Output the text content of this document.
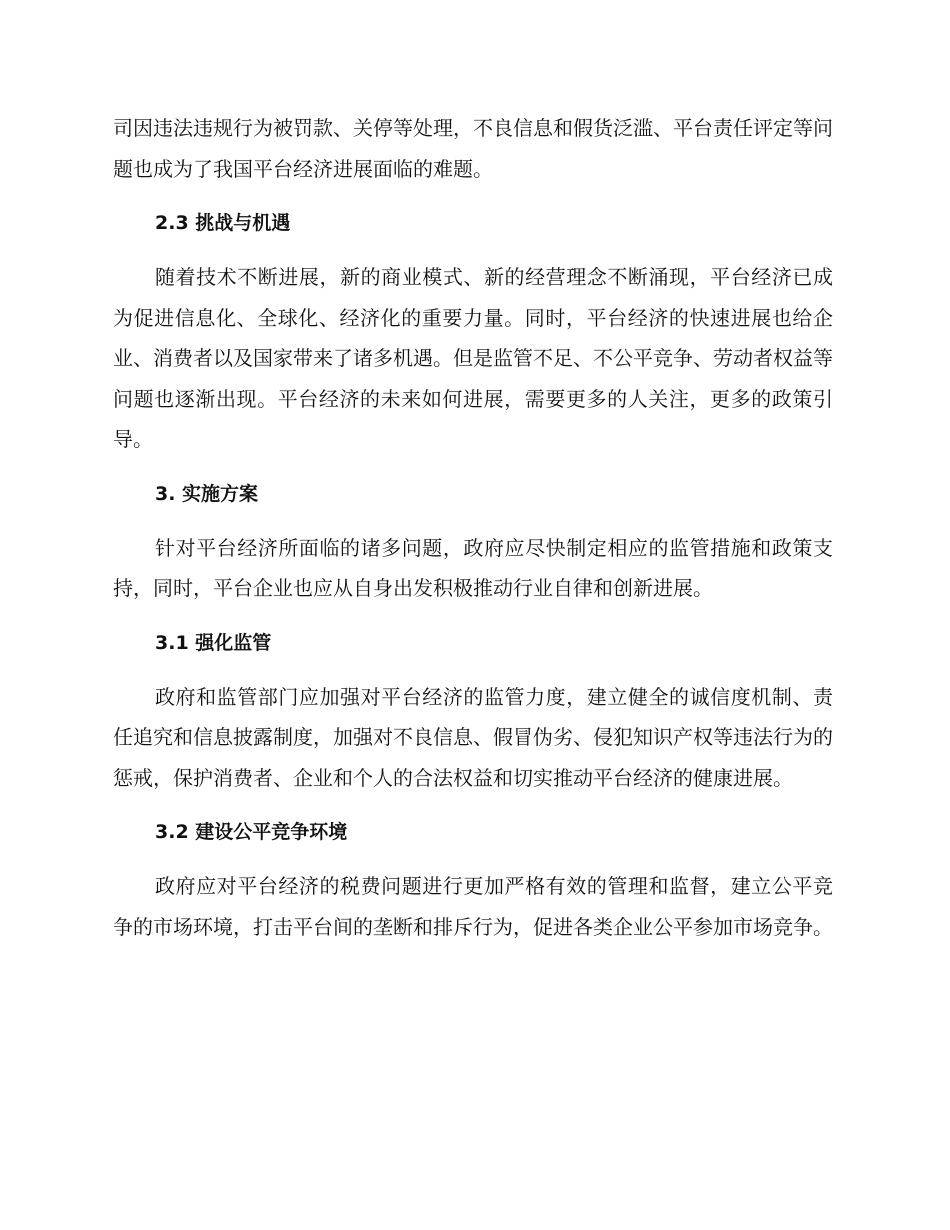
司因违法违规行为被罚款、关停等处理，不良信息和假货泛滥、平台责任评定等问题也成为了我国平台经济进展面临的难题。

2.3 挑战与机遇

随着技术不断进展，新的商业模式、新的经营理念不断涌现，平台经济已成为促进信息化、全球化、经济化的重要力量。同时，平台经济的快速进展也给企业、消费者以及国家带来了诸多机遇。但是监管不足、不公平竞争、劳动者权益等问题也逐渐出现。平台经济的未来如何进展，需要更多的人关注，更多的政策引导。

3. 实施方案

针对平台经济所面临的诸多问题，政府应尽快制定相应的监管措施和政策支持，同时，平台企业也应从自身出发积极推动行业自律和创新进展。

3.1 强化监管

政府和监管部门应加强对平台经济的监管力度，建立健全的诚信度机制、责任追究和信息披露制度，加强对不良信息、假冒伪劣、侵犯知识产权等违法行为的惩戒，保护消费者、企业和个人的合法权益和切实推动平台经济的健康进展。

3.2 建设公平竞争环境

政府应对平台经济的税费问题进行更加严格有效的管理和监督，建立公平竞争的市场环境，打击平台间的垄断和排斥行为，促进各类企业公平参加市场竞争。
